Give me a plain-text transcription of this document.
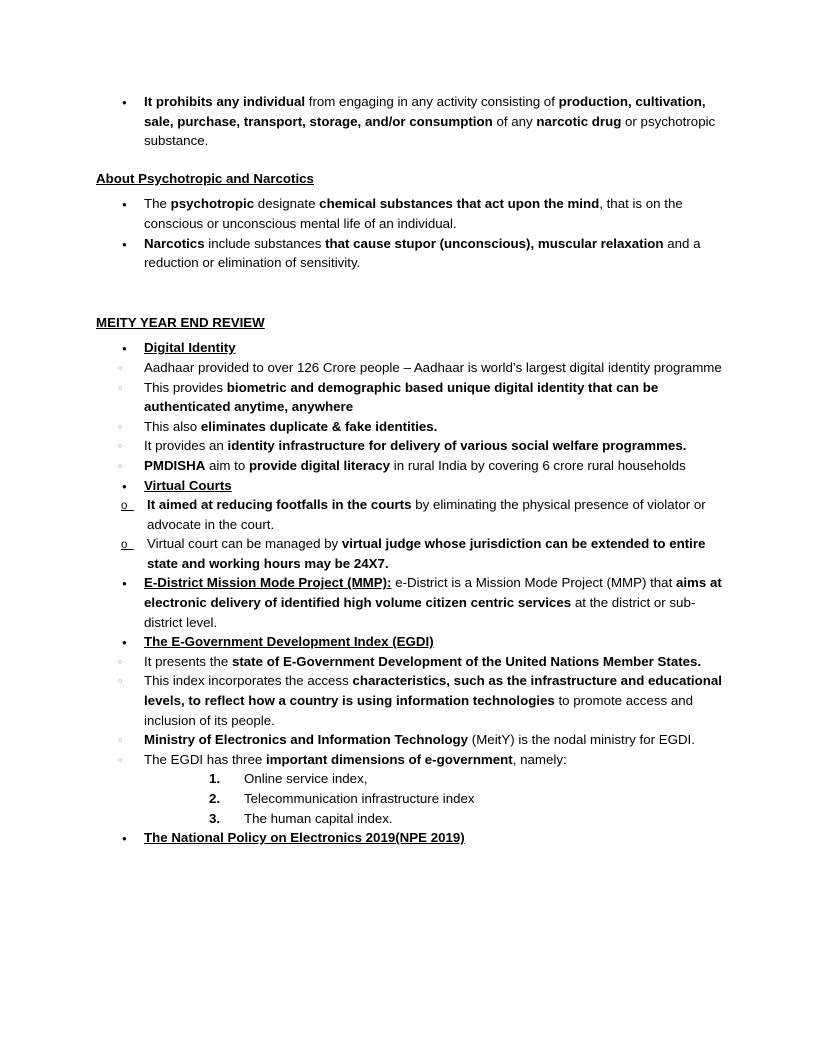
●
It prohibits any individual from engaging in any activity consisting of production, cultivation, sale, purchase, transport, storage, and/or consumption of any narcotic drug or psychotropic substance.
About Psychotropic and Narcotics
●
The psychotropic designate chemical substances that act upon the mind, that is on the conscious or unconscious mental life of an individual.
●
Narcotics include substances that cause stupor (unconscious), muscular relaxation and a reduction or elimination of sensitivity.
MEITY YEAR END REVIEW
●
Digital Identity
○
Aadhaar provided to over 126 Crore people – Aadhaar is world’s largest digital identity programme
○
This provides biometric and demographic based unique digital identity that can be authenticated anytime, anywhere
○
This also eliminates duplicate & fake identities.
○
It provides an identity infrastructure for delivery of various social welfare programmes.
○
PMDISHA aim to provide digital literacy in rural India by covering 6 crore rural households
●
Virtual Courts
o
It aimed at reducing footfalls in the courts by eliminating the physical presence of violator or advocate in the court.
o
Virtual court can be managed by virtual judge whose jurisdiction can be extended to entire state and working hours may be 24X7.
●
E-District Mission Mode Project (MMP): e-District is a Mission Mode Project (MMP) that aims at electronic delivery of identified high volume citizen centric services at the district or sub-district level.
●
The E-Government Development Index (EGDI)
○
It presents the state of E-Government Development of the United Nations Member States.
○
This index incorporates the access characteristics, such as the infrastructure and educational levels, to reflect how a country is using information technologies to promote access and inclusion of its people.
○
Ministry of Electronics and Information Technology (MeitY) is the nodal ministry for EGDI.
○
The EGDI has three important dimensions of e-government, namely:
1. Online service index,
2. Telecommunication infrastructure index
3. The human capital index.
●
The National Policy on Electronics 2019(NPE 2019)
